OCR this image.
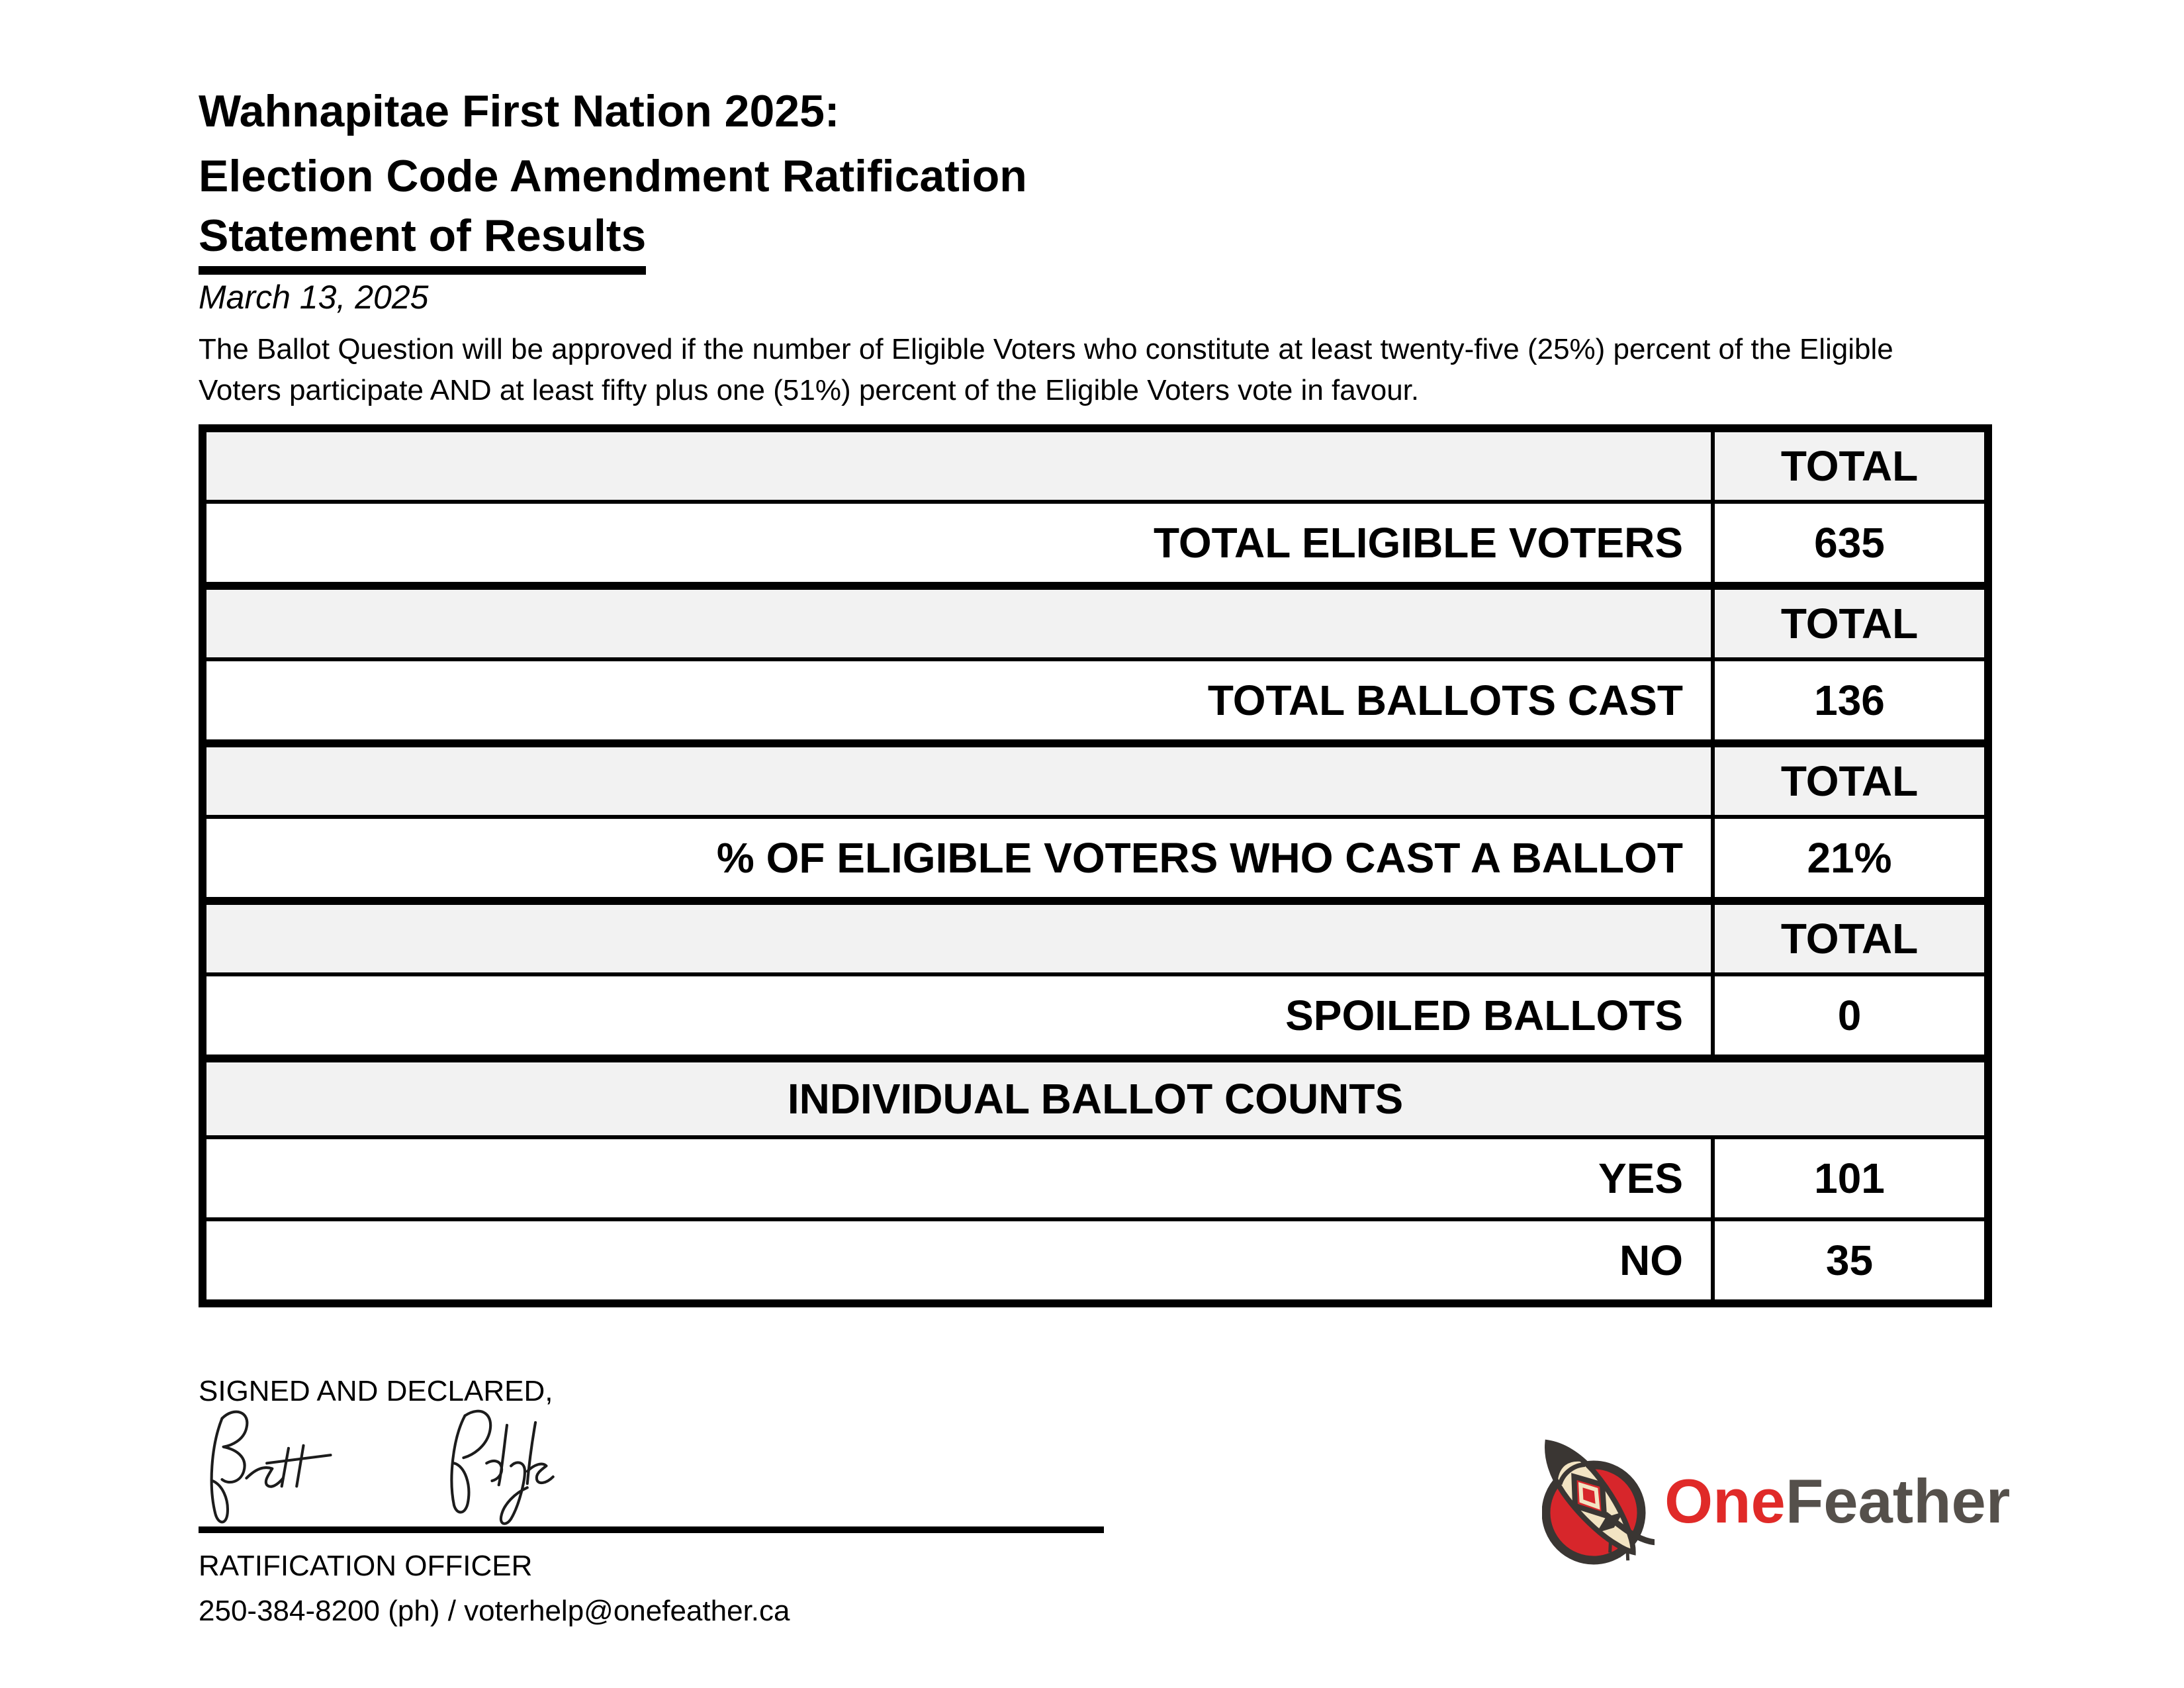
Wahnapitae First Nation 2025:
Election Code Amendment Ratification
Statement of Results
March 13, 2025
The Ballot Question will be approved if the number of Eligible Voters who constitute at least twenty-five (25%) percent of the Eligible Voters participate AND at least fifty plus one (51%) percent of the Eligible Voters vote in favour.
	TOTAL
TOTAL ELIGIBLE VOTERS	635
	TOTAL
TOTAL BALLOTS CAST	136
	TOTAL
% OF ELIGIBLE VOTERS WHO CAST A BALLOT	21%
	TOTAL
SPOILED BALLOTS	0
INDIVIDUAL BALLOT COUNTS	
YES	101
NO	35
SIGNED AND DECLARED,
RATIFICATION OFFICER
250-384-8200 (ph) / voterhelp@onefeather.ca
OneFeather
